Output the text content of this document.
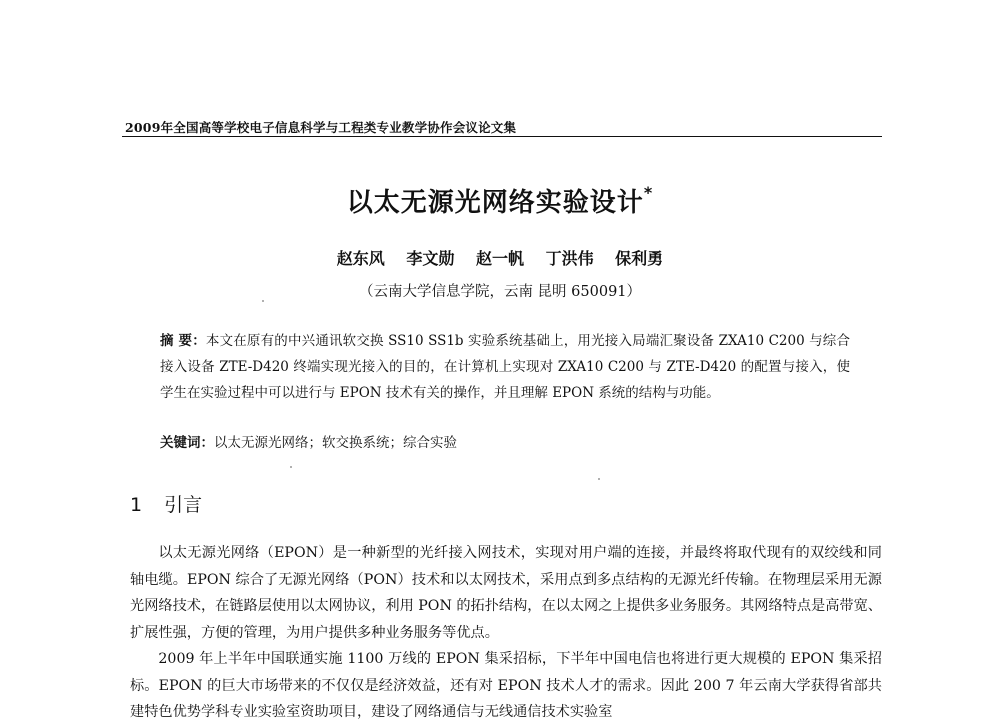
2009年全国高等学校电子信息科学与工程类专业教学协作会议论文集
以太无源光网络实验设计*
赵东风 李文勋 赵一帆 丁洪伟 保利勇
（云南大学信息学院，云南 昆明 650091）
摘 要：本文在原有的中兴通讯软交换 SS10 SS1b 实验系统基础上，用光接入局端汇聚设备 ZXA10 C200 与综合接入设备 ZTE-D420 终端实现光接入的目的，在计算机上实现对 ZXA10 C200 与 ZTE-D420 的配置与接入，使学生在实验过程中可以进行与 EPON 技术有关的操作，并且理解 EPON 系统的结构与功能。
关键词：以太无源光网络；软交换系统；综合实验
1 引言

以太无源光网络（EPON）是一种新型的光纤接入网技术，实现对用户端的连接，并最终将取代现有的双绞线和同轴电缆。EPON 综合了无源光网络（PON）技术和以太网技术，采用点到多点结构的无源光纤传输。在物理层采用无源光网络技术，在链路层使用以太网协议，利用 PON 的拓扑结构，在以太网之上提供多业务服务。其网络特点是高带宽、扩展性强，方便的管理，为用户提供多种业务服务等优点。

2009 年上半年中国联通实施 1100 万线的 EPON 集采招标，下半年中国电信也将进行更大规模的 EPON 集采招标。EPON 的巨大市场带来的不仅仅是经济效益，还有对 EPON 技术人才的需求。因此 200 7 年云南大学获得省部共建特色优势学科专业实验室资助项目，建设了网络通信与无线通信技术实验室
